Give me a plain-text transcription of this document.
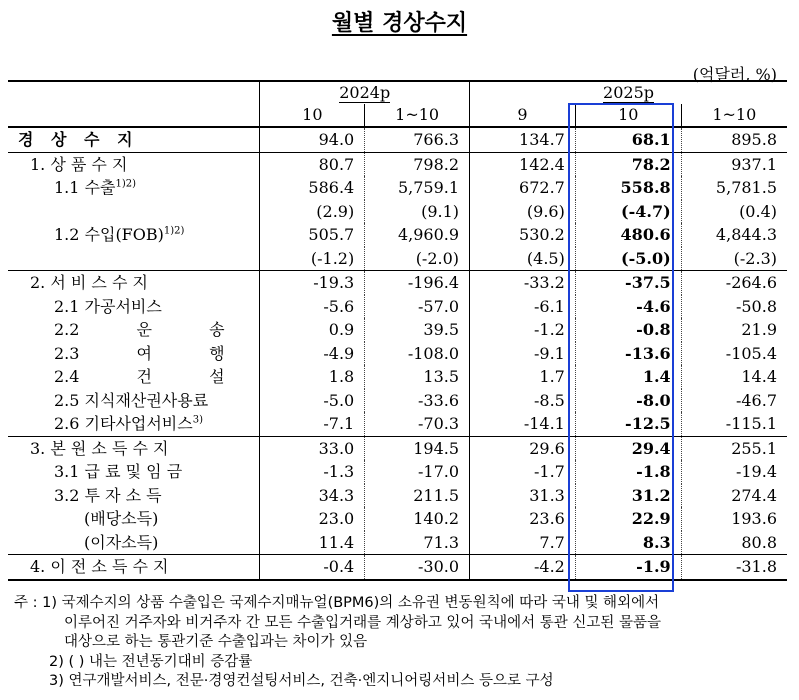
월별 경상수지
(억달러, %)
	2024p		2025p		
	10	1~10	9	10	1~10
경 상 수 지	94.0	766.3	134.7	68.1	895.8
1. 상 품 수 지	80.7	798.2	142.4	78.2	937.1
1.1 수출$^{1)2)}$	586.4	5,759.1	672.7	558.8	5,781.5
	(2.9)	(9.1)	(9.6)	(-4.7)	(0.4)
1.2 수입(FOB)$^{1)2)}$	505.7	4,960.9	530.2	480.6	4,844.3
	(-1.2)	(-2.0)	(4.5)	(-5.0)	(-2.3)
2. 서 비 스 수 지	-19.3	-196.4	-33.2	-37.5	-264.6
2.1 가공서비스	-5.6	-57.0	-6.1	-4.6	-50.8
2.2 운 송	0.9	39.5	-1.2	-0.8	21.9
2.3 여 행	-4.9	-108.0	-9.1	-13.6	-105.4
2.4 건 설	1.8	13.5	1.7	1.4	14.4
2.5 지식재산권사용료	-5.0	-33.6	-8.5	-8.0	-46.7
2.6 기타사업서비스$^{3)}$	-7.1	-70.3	-14.1	-12.5	-115.1
3. 본 원 소 득 수 지	33.0	194.5	29.6	29.4	255.1
3.1 급 료 및 임 금	-1.3	-17.0	-1.7	-1.8	-19.4
3.2 투 자 소 득	34.3	211.5	31.3	31.2	274.4
(배당소득)	23.0	140.2	23.6	22.9	193.6
(이자소득)	11.4	71.3	7.7	8.3	80.8
4. 이 전 소 득 수 지	-0.4	-30.0	-4.2	-1.9	-31.8
주 : 1) 국제수지의 상품 수출입은 국제수지매뉴얼(BPM6)의 소유권 변동원칙에 따라 국내 및 해외에서
이루어진 거주자와 비거주자 간 모든 수출입거래를 계상하고 있어 국내에서 통관 신고된 물품을
대상으로 하는 통관기준 수출입과는 차이가 있음
2) ( ) 내는 전년동기대비 증감률
3) 연구개발서비스, 전문·경영컨설팅서비스, 건축·엔지니어링서비스 등으로 구성
